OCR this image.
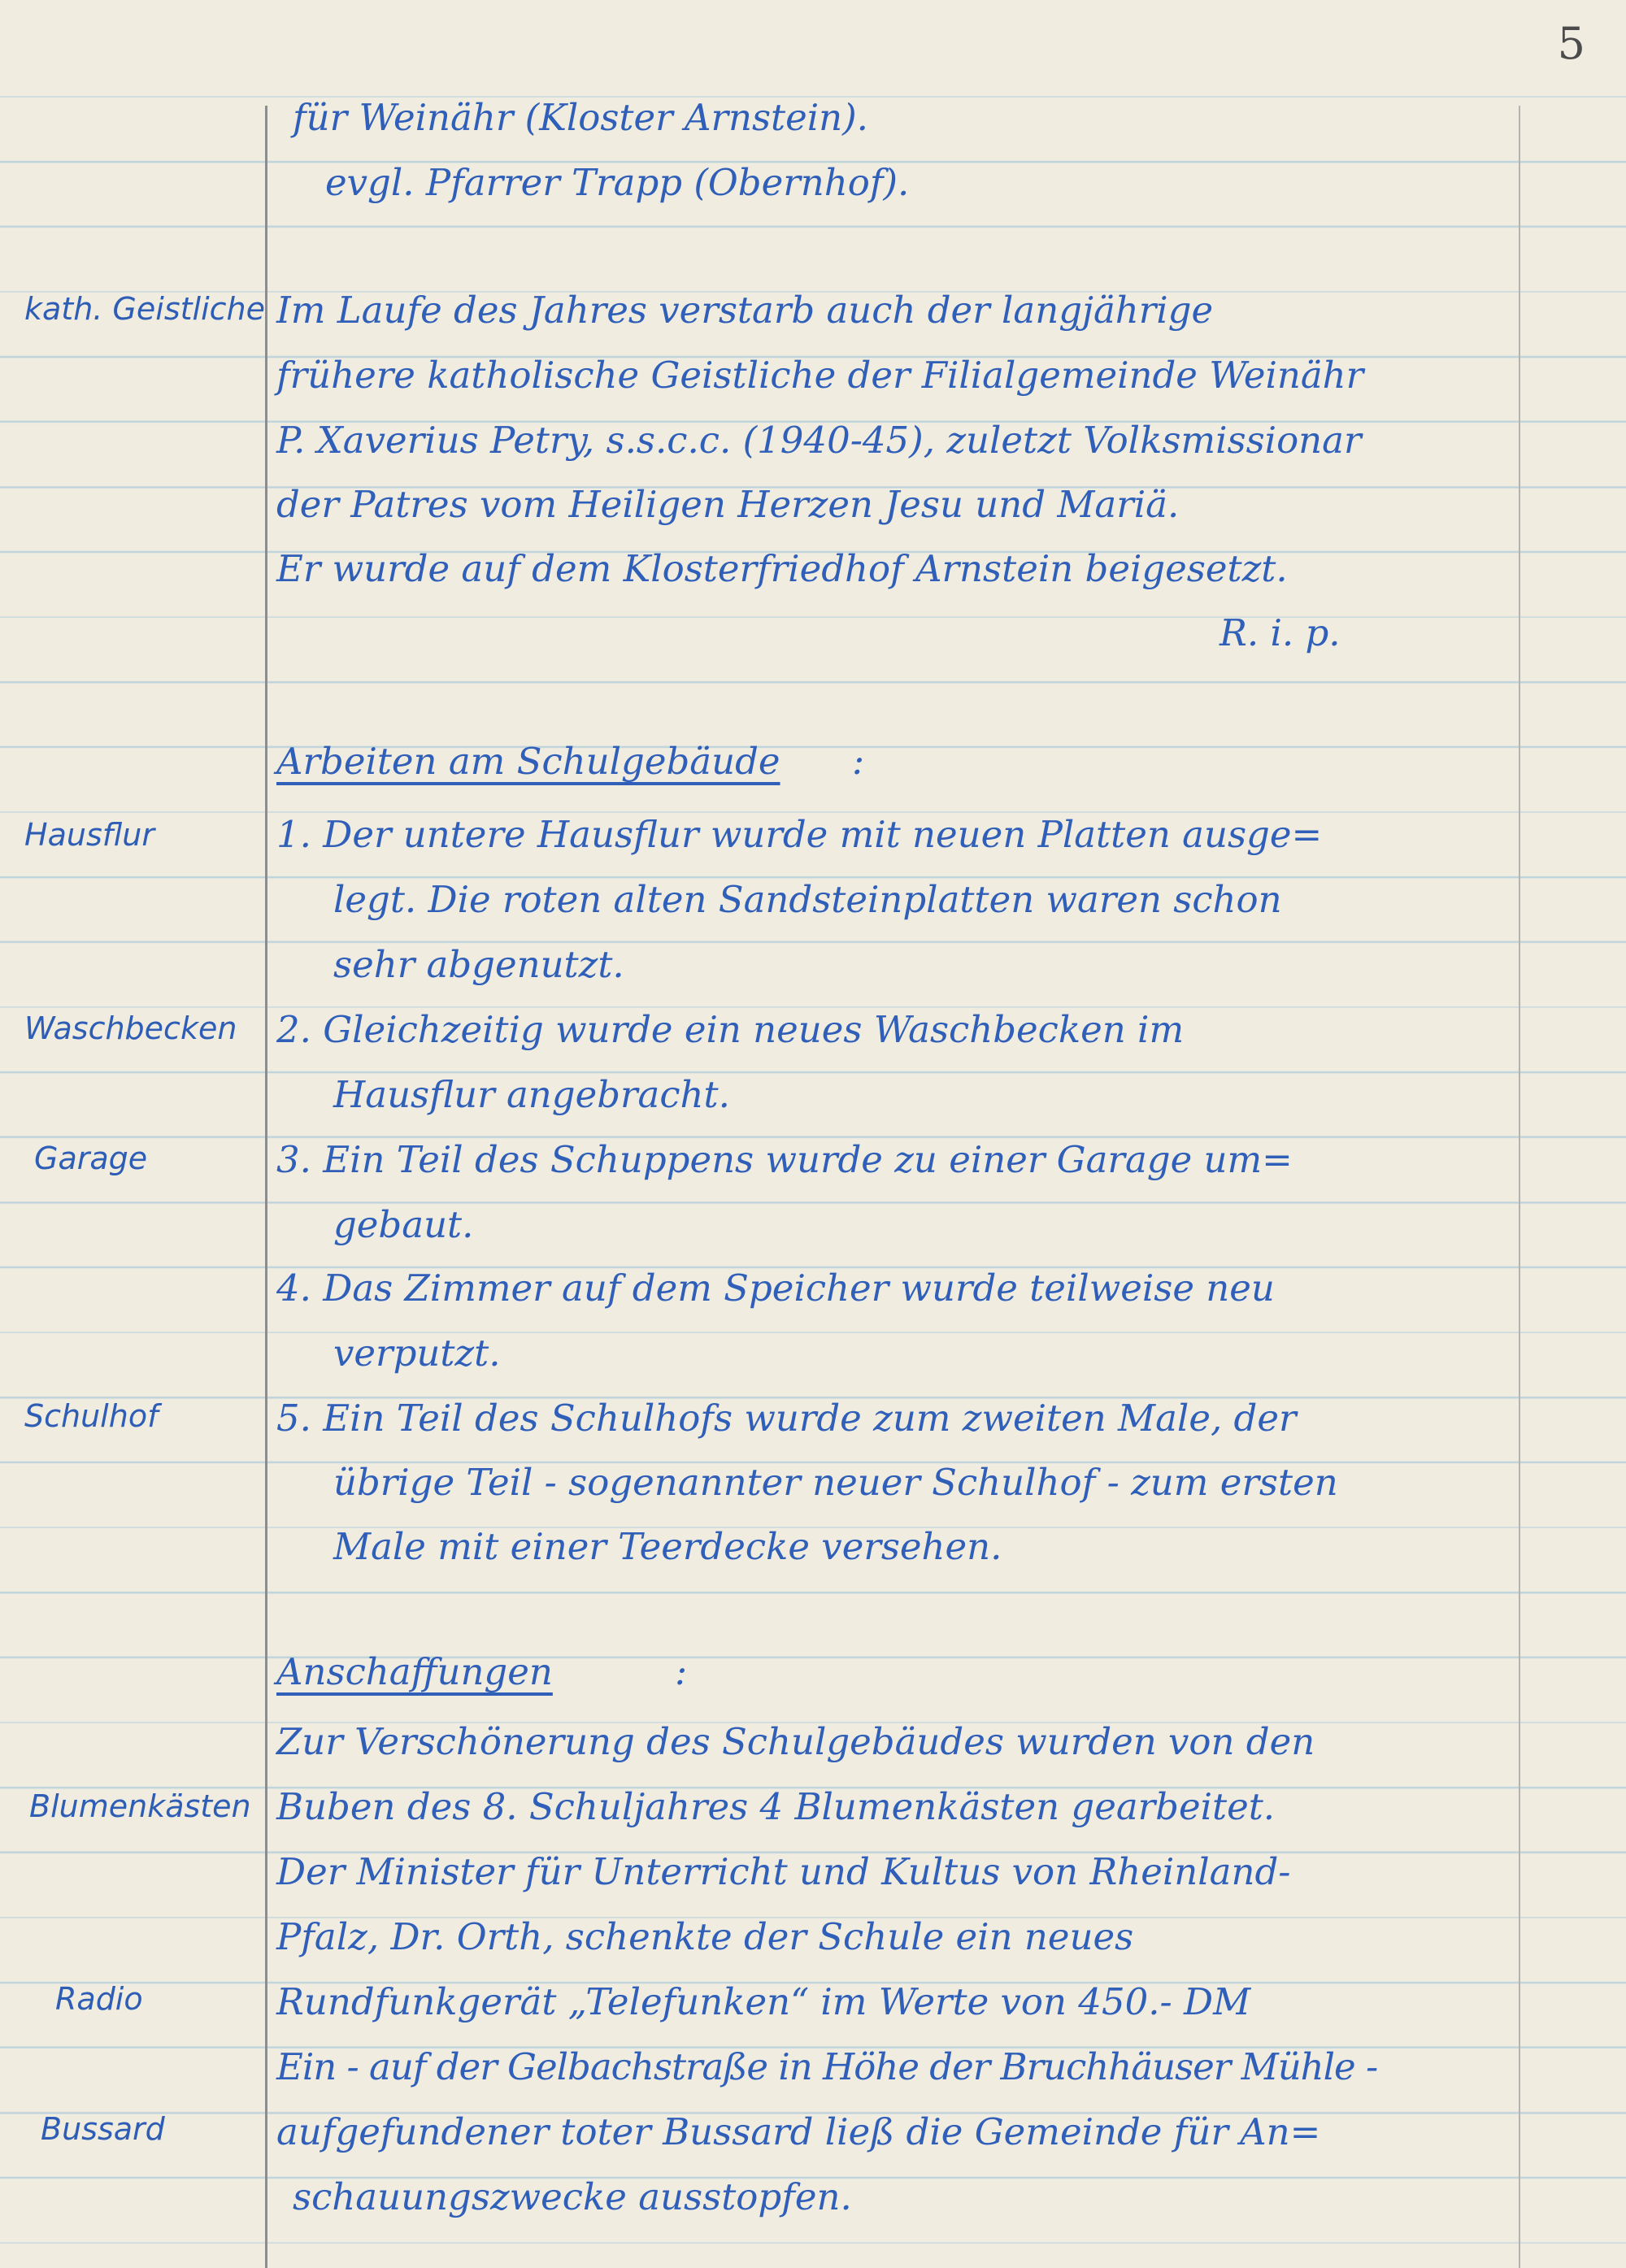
5
kath. Geistliche
Hausflur
Waschbecken
Garage
Schulhof
Blumenkästen
Radio
Bussard
für Weinähr (Kloster Arnstein).
evgl. Pfarrer Trapp (Obernhof).
Im Laufe des Jahres verstarb auch der langjährige
frühere katholische Geistliche der Filialgemeinde Weinähr
P. Xaverius Petry, s.s.c.c. (1940-45), zuletzt Volksmissionar
der Patres vom Heiligen Herzen Jesu und Mariä.
Er wurde auf dem Klosterfriedhof Arnstein beigesetzt.
R. i. p.
Arbeiten am Schulgebäude :
1. Der untere Hausflur wurde mit neuen Platten ausge=
legt. Die roten alten Sandsteinplatten waren schon
sehr abgenutzt.
2. Gleichzeitig wurde ein neues Waschbecken im
Hausflur angebracht.
3. Ein Teil des Schuppens wurde zu einer Garage um=
gebaut.
4. Das Zimmer auf dem Speicher wurde teilweise neu
verputzt.
5. Ein Teil des Schulhofs wurde zum zweiten Male, der
übrige Teil - sogenannter neuer Schulhof - zum ersten
Male mit einer Teerdecke versehen.
Anschaffungen	:
Zur Verschönerung des Schulgebäudes wurden von den
Buben des 8. Schuljahres 4 Blumenkästen gearbeitet.
Der Minister für Unterricht und Kultus von Rheinland-
Pfalz, Dr. Orth, schenkte der Schule ein neues
Rundfunkgerät „Telefunken“ im Werte von 450.- DM
Ein - auf der Gelbachstraße in Höhe der Bruchhäuser Mühle -
aufgefundener toter Bussard ließ die Gemeinde für An=
schauungszwecke ausstopfen.
